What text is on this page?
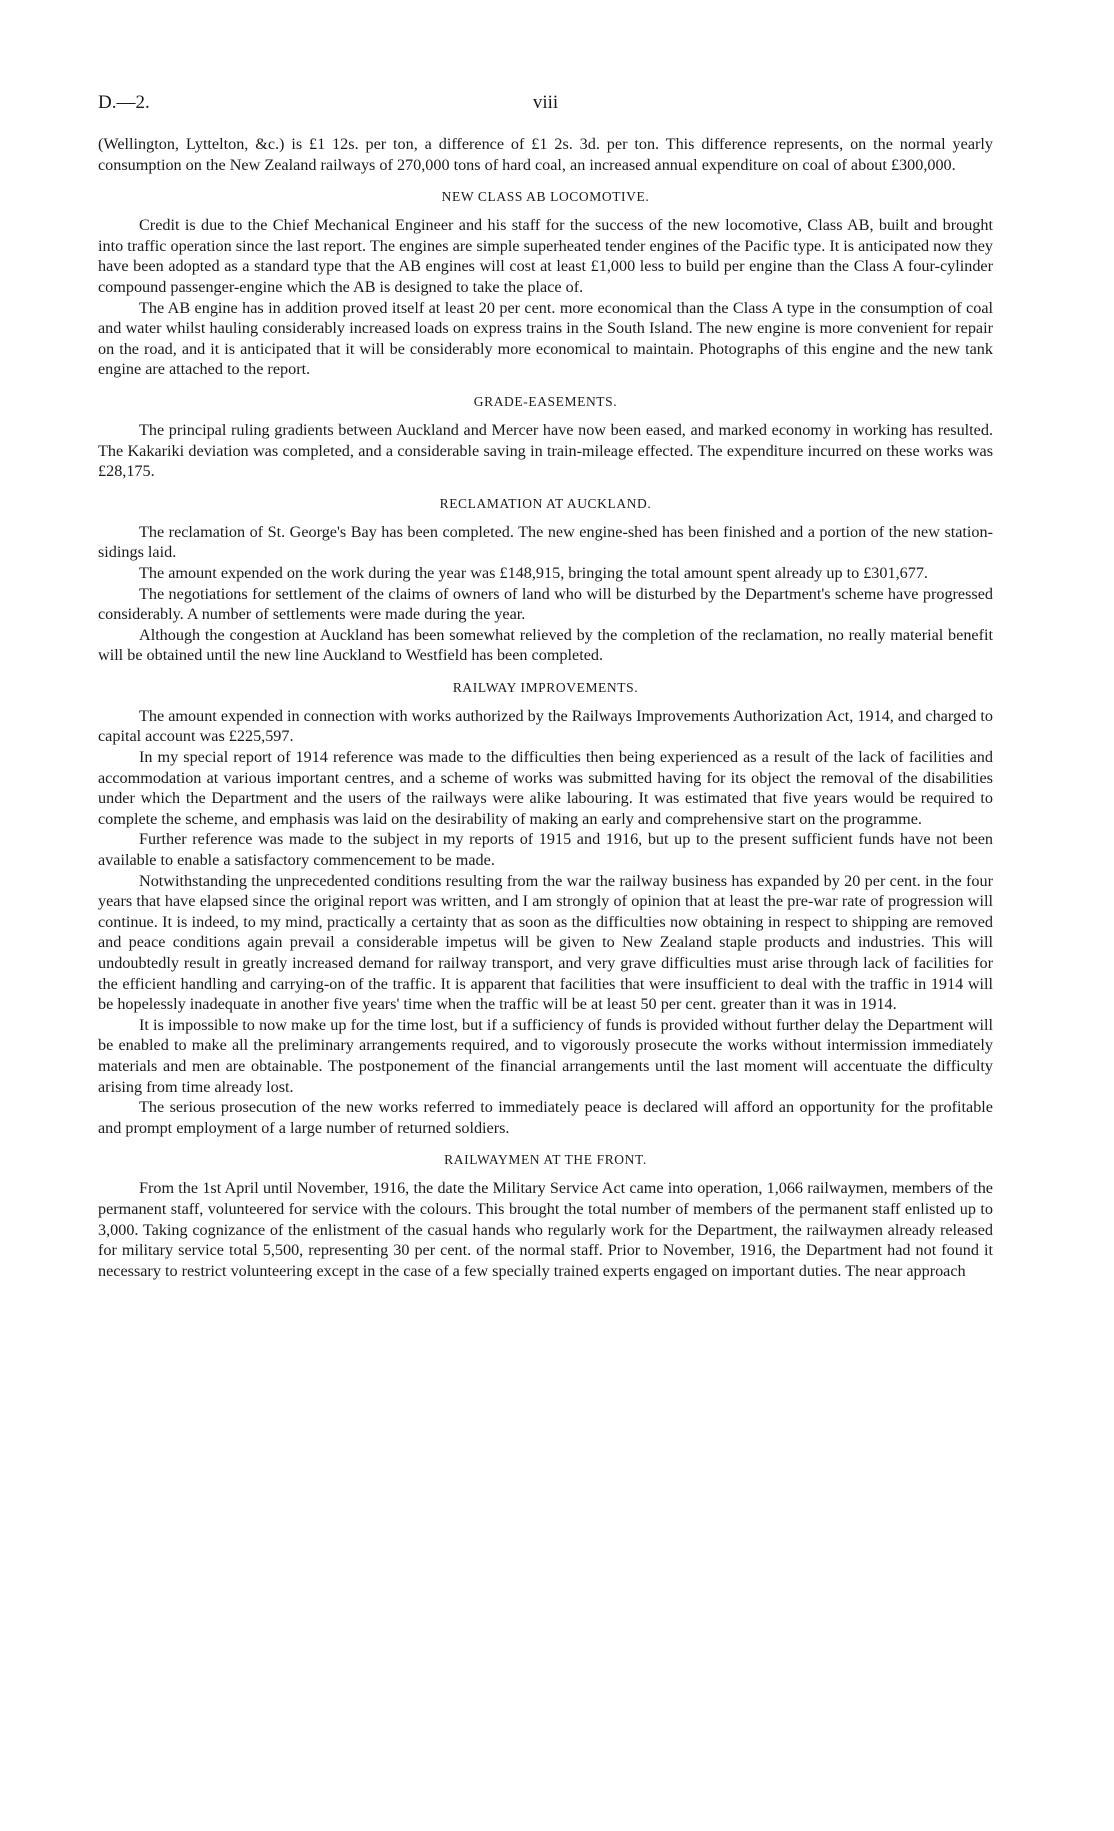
D.—2.	viii

(Wellington, Lyttelton, &c.) is £1 12s. per ton, a difference of £1 2s. 3d. per ton. This difference represents, on the normal yearly consumption on the New Zealand railways of 270,000 tons of hard coal, an increased annual expenditure on coal of about £300,000.

NEW CLASS AB LOCOMOTIVE.

Credit is due to the Chief Mechanical Engineer and his staff for the success of the new locomotive, Class AB, built and brought into traffic operation since the last report. The engines are simple superheated tender engines of the Pacific type. It is anticipated now they have been adopted as a standard type that the AB engines will cost at least £1,000 less to build per engine than the Class A four-cylinder compound passenger-engine which the AB is designed to take the place of.

The AB engine has in addition proved itself at least 20 per cent. more economical than the Class A type in the consumption of coal and water whilst hauling considerably increased loads on express trains in the South Island. The new engine is more convenient for repair on the road, and it is anticipated that it will be considerably more economical to maintain. Photographs of this engine and the new tank engine are attached to the report.

GRADE-EASEMENTS.

The principal ruling gradients between Auckland and Mercer have now been eased, and marked economy in working has resulted. The Kakariki deviation was completed, and a considerable saving in train-mileage effected. The expenditure incurred on these works was £28,175.

RECLAMATION AT AUCKLAND.

The reclamation of St. George's Bay has been completed. The new engine-shed has been finished and a portion of the new station-sidings laid.

The amount expended on the work during the year was £148,915, bringing the total amount spent already up to £301,677.

The negotiations for settlement of the claims of owners of land who will be disturbed by the Department's scheme have progressed considerably. A number of settlements were made during the year.

Although the congestion at Auckland has been somewhat relieved by the completion of the reclamation, no really material benefit will be obtained until the new line Auckland to Westfield has been completed.

RAILWAY IMPROVEMENTS.

The amount expended in connection with works authorized by the Railways Improvements Authorization Act, 1914, and charged to capital account was £225,597.

In my special report of 1914 reference was made to the difficulties then being experienced as a result of the lack of facilities and accommodation at various important centres, and a scheme of works was submitted having for its object the removal of the disabilities under which the Department and the users of the railways were alike labouring. It was estimated that five years would be required to complete the scheme, and emphasis was laid on the desirability of making an early and comprehensive start on the programme.

Further reference was made to the subject in my reports of 1915 and 1916, but up to the present sufficient funds have not been available to enable a satisfactory commencement to be made.

Notwithstanding the unprecedented conditions resulting from the war the railway business has expanded by 20 per cent. in the four years that have elapsed since the original report was written, and I am strongly of opinion that at least the pre-war rate of progression will continue. It is indeed, to my mind, practically a certainty that as soon as the difficulties now obtaining in respect to shipping are removed and peace conditions again prevail a considerable impetus will be given to New Zealand staple products and industries. This will undoubtedly result in greatly increased demand for railway transport, and very grave difficulties must arise through lack of facilities for the efficient handling and carrying-on of the traffic. It is apparent that facilities that were insufficient to deal with the traffic in 1914 will be hopelessly inadequate in another five years' time when the traffic will be at least 50 per cent. greater than it was in 1914.

It is impossible to now make up for the time lost, but if a sufficiency of funds is provided without further delay the Department will be enabled to make all the preliminary arrangements required, and to vigorously prosecute the works without intermission immediately materials and men are obtainable. The postponement of the financial arrangements until the last moment will accentuate the difficulty arising from time already lost.

The serious prosecution of the new works referred to immediately peace is declared will afford an opportunity for the profitable and prompt employment of a large number of returned soldiers.

RAILWAYMEN AT THE FRONT.

From the 1st April until November, 1916, the date the Military Service Act came into operation, 1,066 railwaymen, members of the permanent staff, volunteered for service with the colours. This brought the total number of members of the permanent staff enlisted up to 3,000. Taking cognizance of the enlistment of the casual hands who regularly work for the Department, the railwaymen already released for military service total 5,500, representing 30 per cent. of the normal staff. Prior to November, 1916, the Department had not found it necessary to restrict volunteering except in the case of a few specially trained experts engaged on important duties. The near approach
